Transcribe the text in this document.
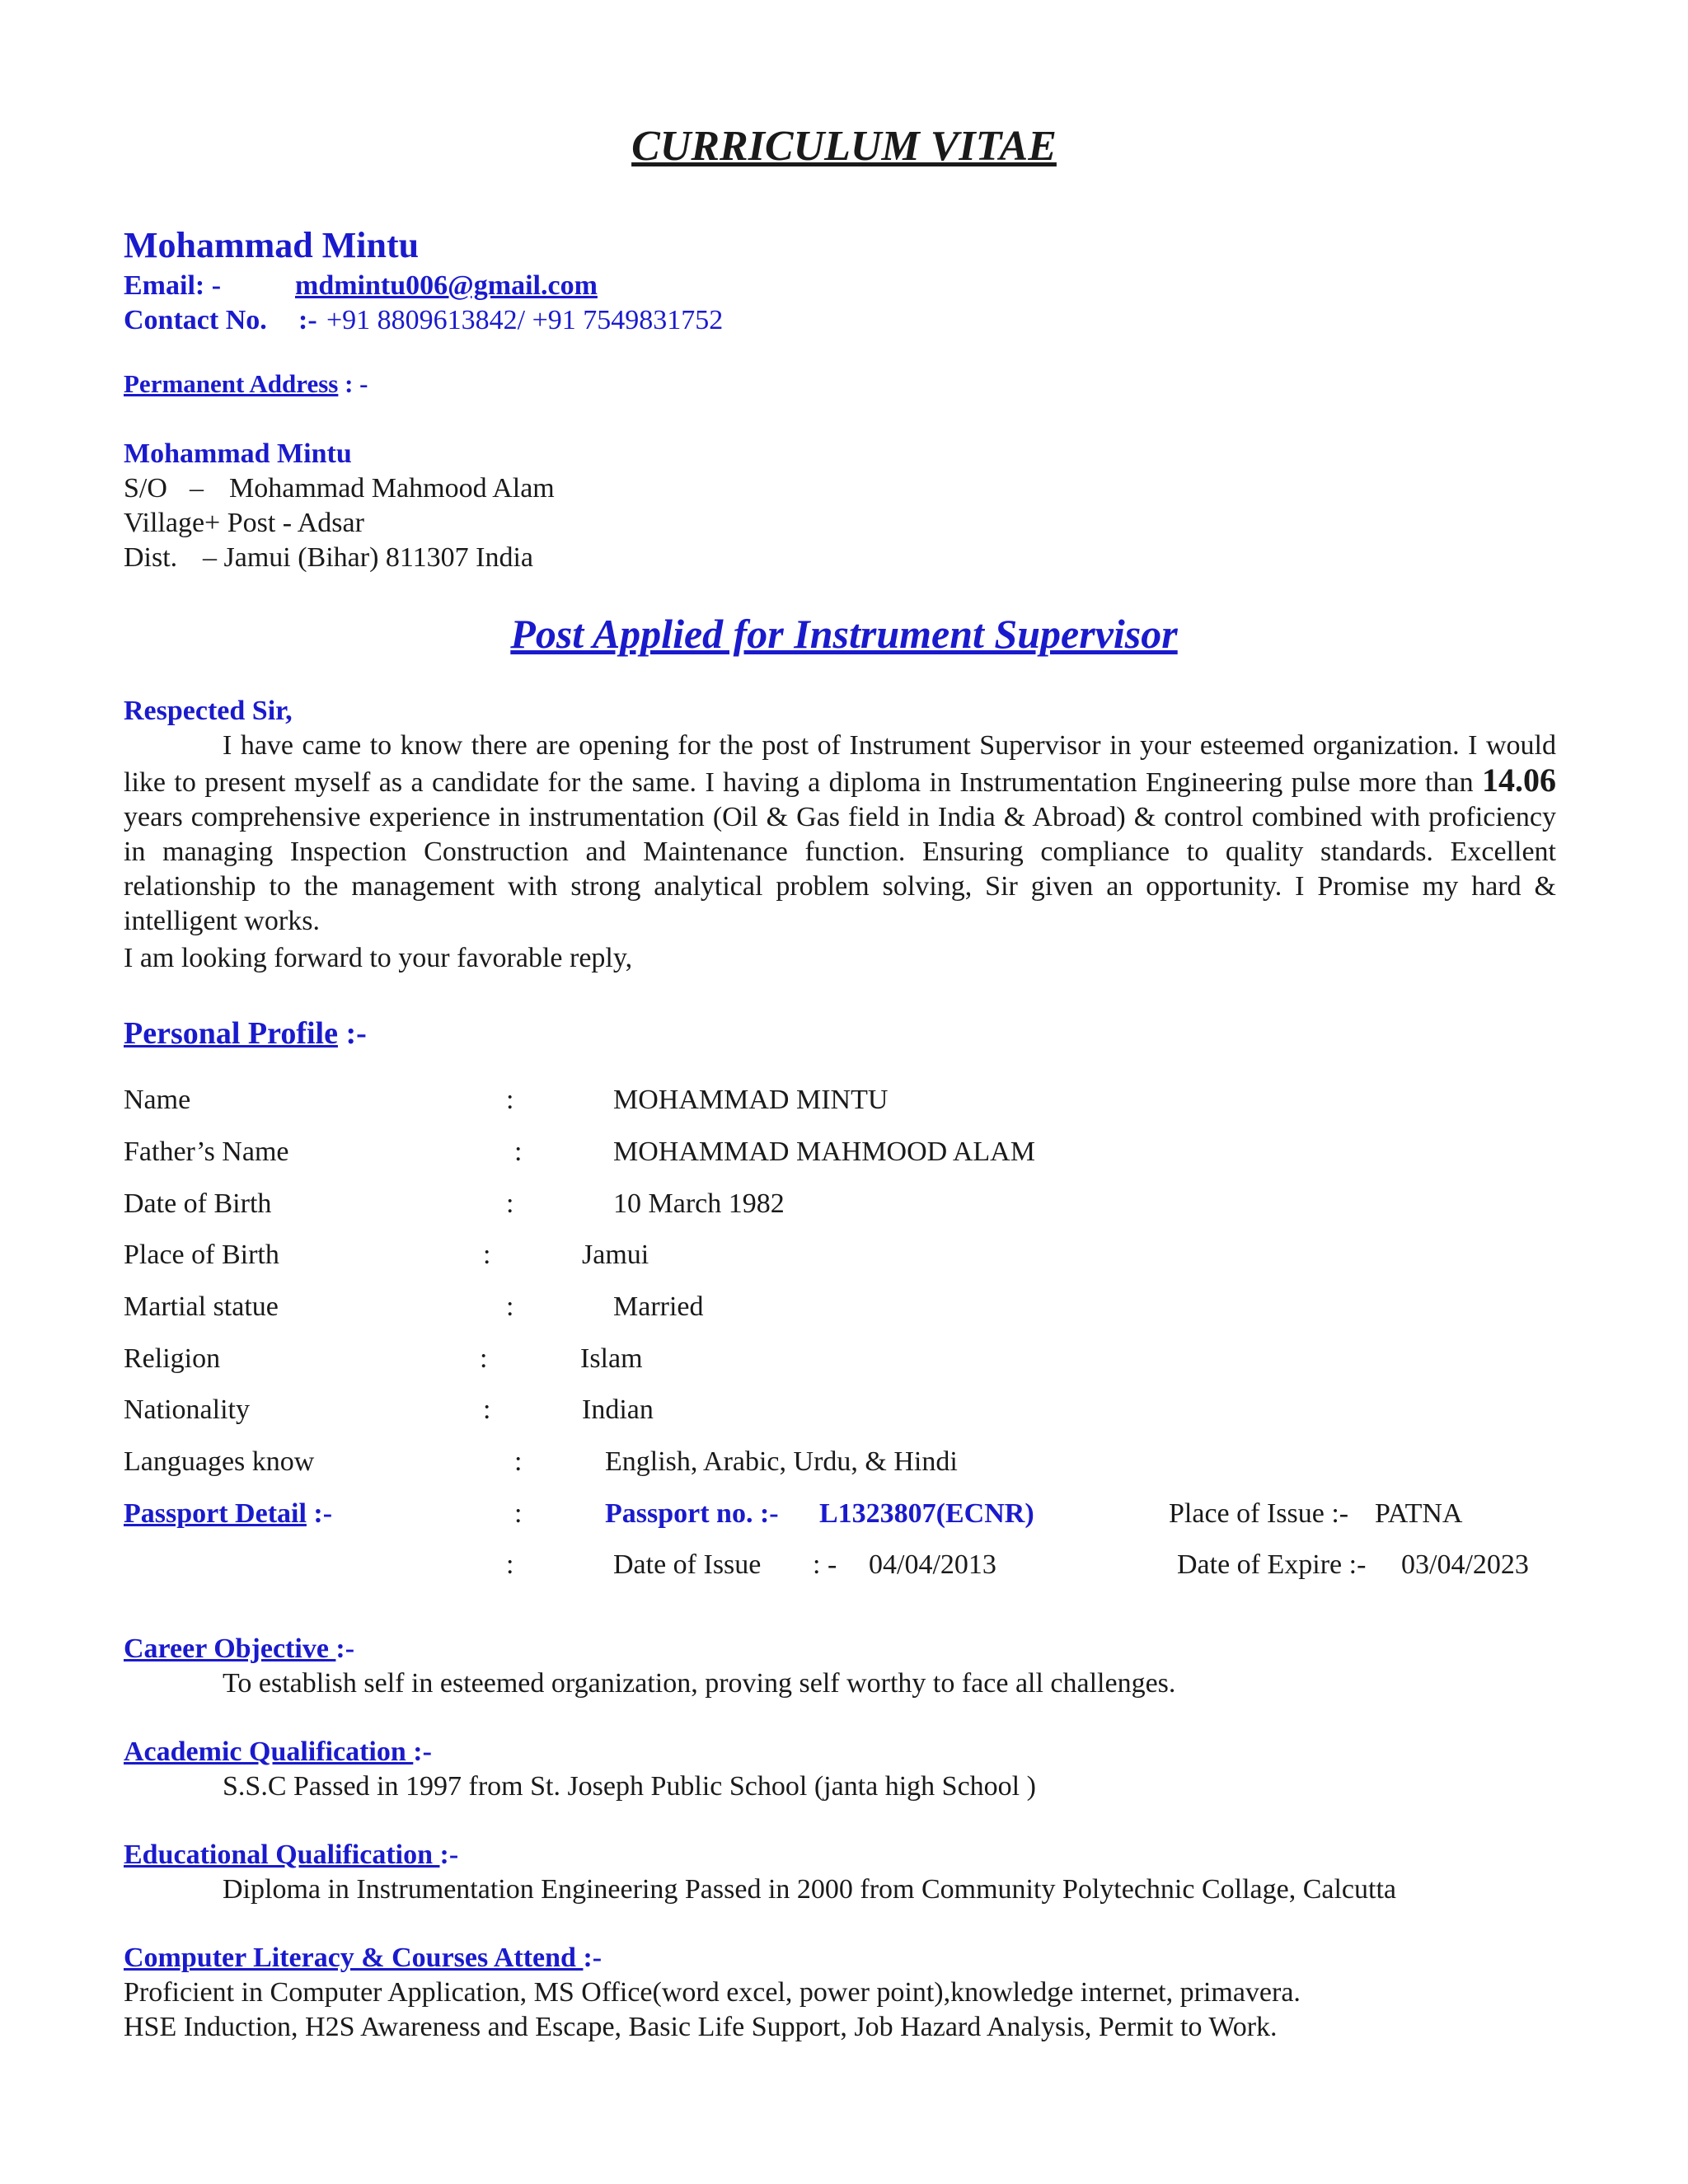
CURRICULUM VITAE
Mohammad Mintu
Email: -	mdmintu006@gmail.com
Contact No. :- +91 8809613842/ +91 7549831752
Permanent Address : -
Mohammad Mintu
S/O – Mohammad Mahmood Alam
Village+ Post - Adsar
Dist. – Jamui (Bihar) 811307 India
Post Applied for Instrument Supervisor
Respected Sir,
I have came to know there are opening for the post of Instrument Supervisor in your esteemed organization. I would like to present myself as a candidate for the same. I having a diploma in Instrumentation Engineering pulse more than 14.06 years comprehensive experience in instrumentation (Oil & Gas field in India & Abroad) & control combined with proficiency in managing Inspection Construction and Maintenance function. Ensuring compliance to quality standards. Excellent relationship to the management with strong analytical problem solving, Sir given an opportunity. I Promise my hard & intelligent works.
I am looking forward to your favorable reply,
Personal Profile :-
Name	:	MOHAMMAD MINTU
Father’s Name	:	MOHAMMAD MAHMOOD ALAM
Date of Birth	:	10 March 1982
Place of Birth	:	Jamui
Martial statue	:	Married
Religion	:	Islam
Nationality	:	Indian
Languages know	:	English, Arabic, Urdu, & Hindi
Passport Detail :-	:	Passport no. :- L1323807(ECNR)	Place of Issue :- PATNA
:	Date of Issue : - 04/04/2013	Date of Expire :- 03/04/2023
Career Objective :-
To establish self in esteemed organization, proving self worthy to face all challenges.
Academic Qualification :-
S.S.C Passed in 1997 from St. Joseph Public School (janta high School )
Educational Qualification :-
Diploma in Instrumentation Engineering Passed in 2000 from Community Polytechnic Collage, Calcutta
Computer Literacy & Courses Attend :-
Proficient in Computer Application, MS Office(word excel, power point),knowledge internet, primavera.
HSE Induction, H2S Awareness and Escape, Basic Life Support, Job Hazard Analysis, Permit to Work.
